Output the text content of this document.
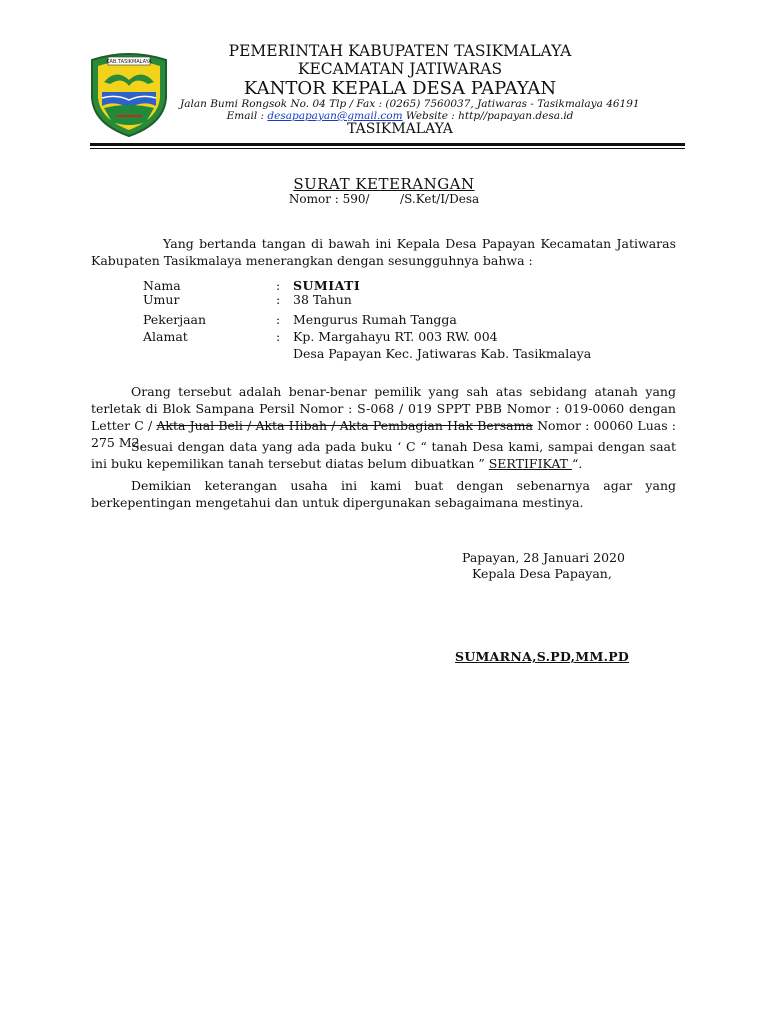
KAB.TASIKMALAYA
PEMERINTAH KABUPATEN TASIKMALAYA
KECAMATAN JATIWARAS
KANTOR KEPALA DESA PAPAYAN
Jalan Bumi Rongsok No. 04 Tlp / Fax : (0265) 7560037, Jatiwaras - Tasikmalaya 46191
Email : desapapayan@gmail.com Website : http//papayan.desa.id
TASIKMALAYA
SURAT KETERANGAN
Nomor : 590/        /S.Ket/I/Desa
Yang bertanda tangan di bawah ini Kepala Desa Papayan Kecamatan Jatiwaras Kabupaten Tasikmalaya menerangkan dengan sesungguhnya bahwa :
Nama	: SUMIATI
Umur	: 38 Tahun
Pekerjaan	: Mengurus Rumah Tangga
Alamat	: Kp. Margahayu RT. 003 RW. 004
Desa Papayan Kec. Jatiwaras Kab. Tasikmalaya
Orang tersebut adalah benar-benar pemilik yang sah atas sebidang atanah yang terletak di Blok Sampana Persil Nomor : S-068 / 019 SPPT PBB Nomor : 019-0060 dengan Letter C / Akta Jual Beli / Akta Hibah / Akta Pembagian Hak Bersama Nomor : 00060 Luas : 275 M2.
Sesuai dengan data yang ada pada buku ‘ C “ tanah Desa kami, sampai dengan saat ini buku kepemilikan tanah tersebut diatas belum dibuatkan ” SERTIFIKAT “.
Demikian keterangan usaha ini kami buat dengan sebenarnya agar yang berkepentingan mengetahui dan untuk dipergunakan sebagaimana mestinya.
Papayan, 28 Januari 2020
Kepala Desa Papayan,
SUMARNA,S.PD,MM.PD
